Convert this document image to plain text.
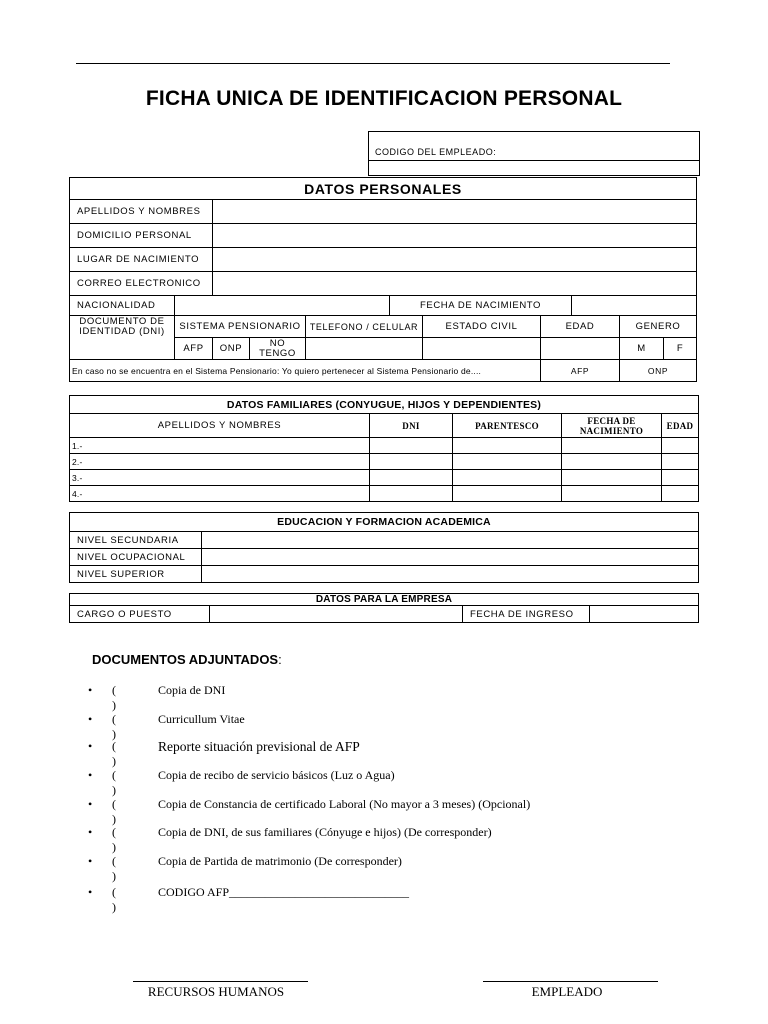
FICHA UNICA DE IDENTIFICACION PERSONAL
CODIGO DEL EMPLEADO:
DATOS PERSONALES										
APELLIDOS Y NOMBRES										
DOMICILIO PERSONAL										
LUGAR DE NACIMIENTO										
CORREO ELECTRONICO										
NACIONALIDAD					FECHA DE NACIMIENTO					
DOCUMENTO DE IDENTIDAD (DNI)	SISTEMA PENSIONARIO			TELEFONO / CELULAR		ESTADO CIVIL	EDAD		GENERO	
	AFP	ONP	NO TENGO						M	F
En caso no se encuentra en el Sistema Pensionario: Yo quiero pertenecer al Sistema Pensionario de....							AFP		ONP	
DATOS FAMILIARES (CONYUGUE, HIJOS Y DEPENDIENTES)				
APELLIDOS Y NOMBRES	DNI	PARENTESCO	FECHA DE NACIMIENTO	EDAD
1.-				
2.-				
3.-				
4.-				
EDUCACION Y FORMACION ACADEMICA	
NIVEL SECUNDARIA	
NIVEL OCUPACIONAL	
NIVEL SUPERIOR	
DATOS PARA LA EMPRESA
CARGO O PUESTO		FECHA DE INGRESO	
DOCUMENTOS ADJUNTADOS:
• ( )
Copia de DNI
• ( )
Curricullum Vitae
• ( )
Reporte situación previsional de AFP
• ( )
Copia de recibo de servicio básicos (Luz o Agua)
• ( )
Copia de Constancia de certificado Laboral (No mayor a 3 meses) (Opcional)
• ( )
Copia de DNI, de sus familiares (Cónyuge e hijos) (De corresponder)
• ( )
Copia de Partida de matrimonio (De corresponder)
• ( )
CODIGO AFP______________________________
RECURSOS HUMANOS	EMPLEADO
